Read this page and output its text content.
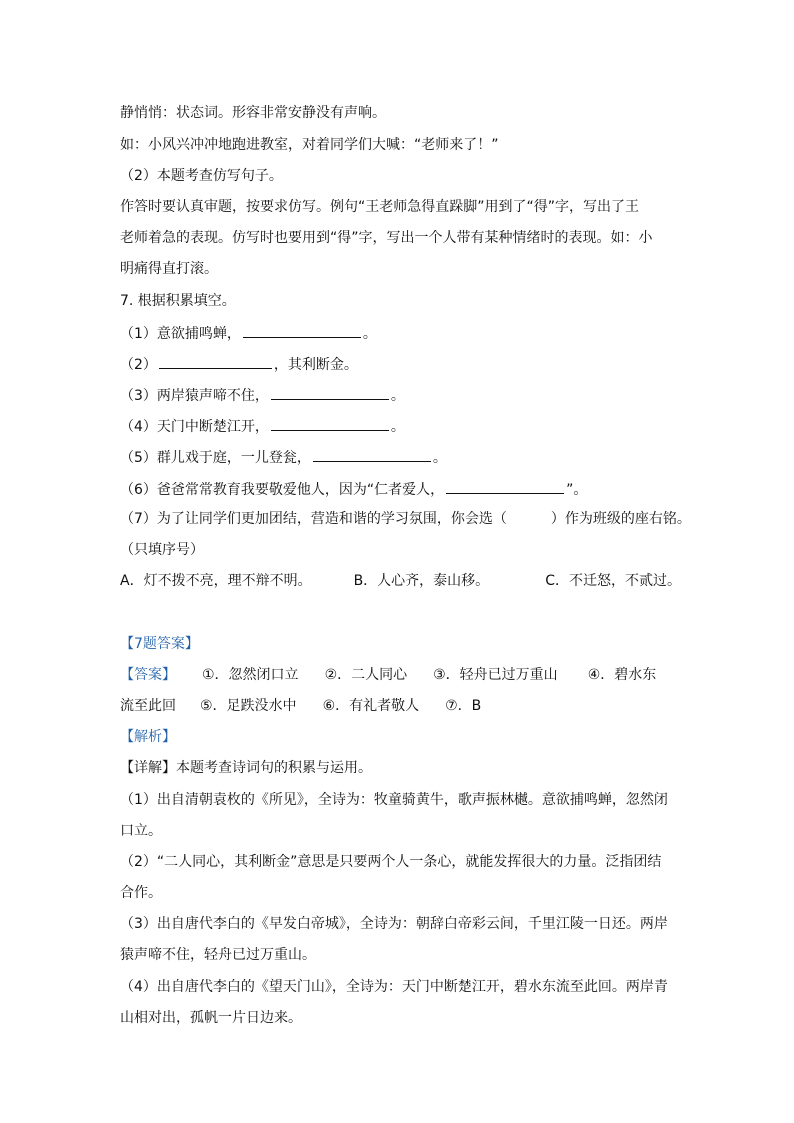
静悄悄：状态词。形容非常安静没有声响。
如：小风兴冲冲地跑进教室，对着同学们大喊：“老师来了！”
（2）本题考查仿写句子。
作答时要认真审题，按要求仿写。例句“王老师急得直跺脚”用到了“得”字，写出了王
老师着急的表现。仿写时也要用到“得”字，写出一个人带有某种情绪时的表现。如：小
明痛得直打滚。
7. 根据积累填空。
（1）意欲捕鸣蝉，	。
（2）	，其利断金。
（3）两岸猿声啼不住，	。
（4）天门中断楚江开，	。
（5）群儿戏于庭，一儿登瓮，	。
（6）爸爸常常教育我要敬爱他人，因为“仁者爱人，	”。
（7）为了让同学们更加团结，营造和谐的学习氛围，你会选（	）作为班级的座右铭。
（只填序号）
A．灯不拨不亮，理不辩不明。	B．人心齐，泰山移。	C．不迁怒，不贰过。
【7题答案】
【答案】 ①．忽然闭口立 ②．二人同心 ③．轻舟已过万重山 ④．碧水东
流至此回 ⑤．足跌没水中 ⑥．有礼者敬人 ⑦．B
【解析】
【详解】本题考查诗词句的积累与运用。
（1）出自清朝袁枚的《所见》，全诗为：牧童骑黄牛，歌声振林樾。意欲捕鸣蝉，忽然闭
口立。
（2）“二人同心，其利断金”意思是只要两个人一条心，就能发挥很大的力量。泛指团结
合作。
（3）出自唐代李白的《早发白帝城》，全诗为：朝辞白帝彩云间，千里江陵一日还。两岸
猿声啼不住，轻舟已过万重山。
（4）出自唐代李白的《望天门山》，全诗为：天门中断楚江开，碧水东流至此回。两岸青
山相对出，孤帆一片日边来。
